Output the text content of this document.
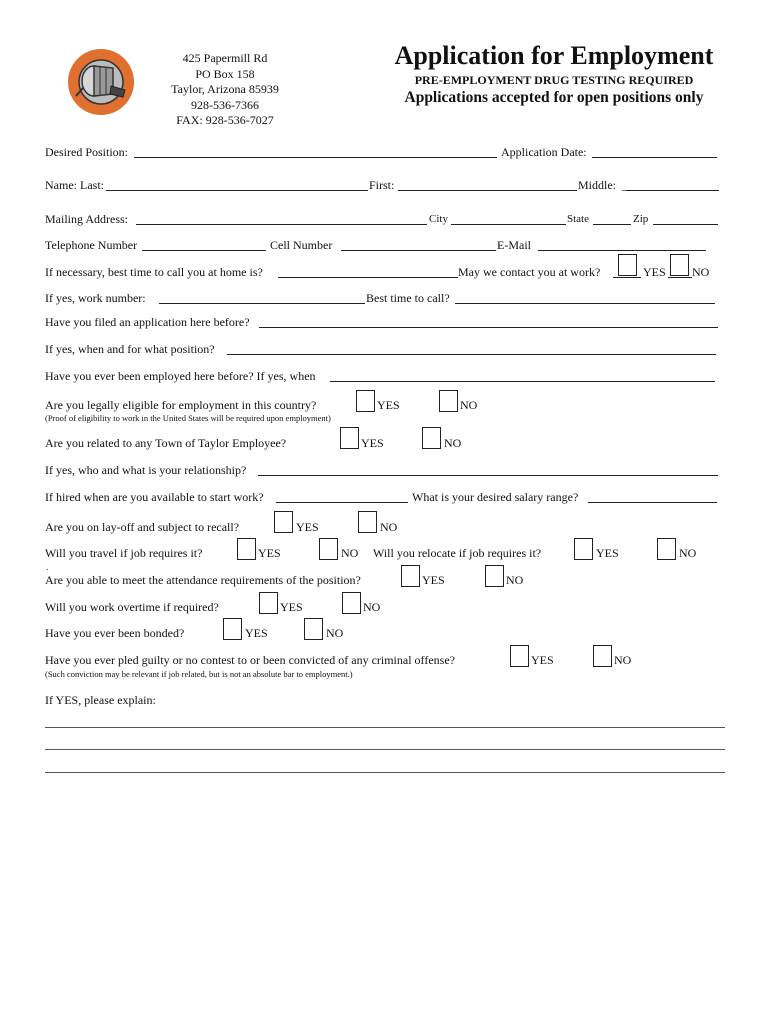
425 Papermill Rd
PO Box 158
Taylor, Arizona 85939
928-536-7366
FAX: 928-536-7027
Application for Employment
PRE-EMPLOYMENT DRUG TESTING REQUIRED
Applications accepted for open positions only
Desired Position:	Application Date:
Name: Last:	First:	Middle: _
Mailing Address:	City	State	Zip
Telephone Number	Cell Number	E-Mail
If necessary, best time to call you at home is?	May we contact you at work?	YES NO
If yes, work number:	Best time to call?
Have you filed an application here before?
If yes, when and for what position?
Have you ever been employed here before? If yes, when
Are you legally eligible for employment in this country?	YES	NO
(Proof of eligibility to work in the United States will be required upon employment)
Are you related to any Town of Taylor Employee?	YES	NO
If yes, who and what is your relationship?
If hired when are you available to start work?	What is your desired salary range?
Are you on lay-off and subject to recall?	YES	NO
Will you travel if job requires it?	YES	NO Will you relocate if job requires it?	YES	NO
.
Are you able to meet the attendance requirements of the position?	YES	NO
Will you work overtime if required?	YES	NO
Have you ever been bonded?	YES	NO
Have you ever pled guilty or no contest to or been convicted of any criminal offense?	YES	NO
(Such conviction may be relevant if job related, but is not an absolute bar to employment.)
If YES, please explain:
